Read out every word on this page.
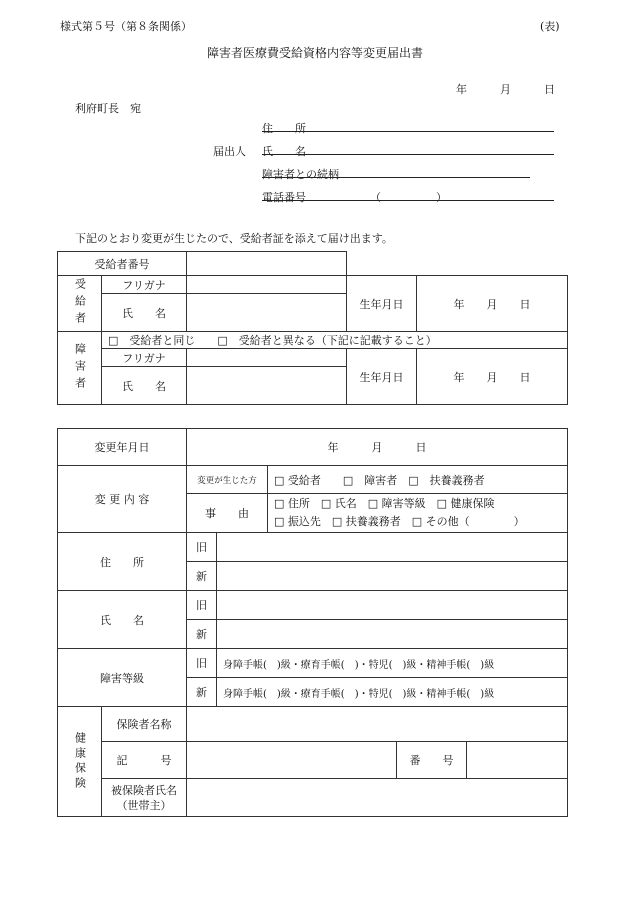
様式第５号（第８条関係）	(表)
障害者医療費受給資格内容等変更届出書
年　　　月　　　日
利府町長　宛
届出人
住　　所
氏　　名
障害者との続柄
電話番号	（　　　　　）
下記のとおり変更が生じたので、受給者証を添えて届け出ます。
受給者番号				

受給者	フリガナ		生年月日	年　　月　　日
	氏　　名			

障害者	□　受給者と同じ　　□　受給者と異なる（下記に記載すること）			
	フリガナ		生年月日	年　　月　　日
	氏　　名			
変更年月日		年　　　月　　　日				
変 更 内 容		変更が生じた方		□ 受給者　　□　障害者　□　扶養義務者		
		事　　由		□ 住所　□ 氏名　□ 障害等級　□ 健康保険
□ 振込先　□ 扶養義務者　□ その他（　　　　）		

住　　所		旧				
		新				
氏　　名		旧				
		新				
障害等級		旧	身障手帳(　)級・療育手帳(　)・特児(　)級・精神手帳(　)級			
		新	身障手帳(　)級・療育手帳(　)・特児(　)級・精神手帳(　)級			

健康保険	保険者名称					
	記　　　号				番　　号	

	被保険者氏名
（世帯主）					
